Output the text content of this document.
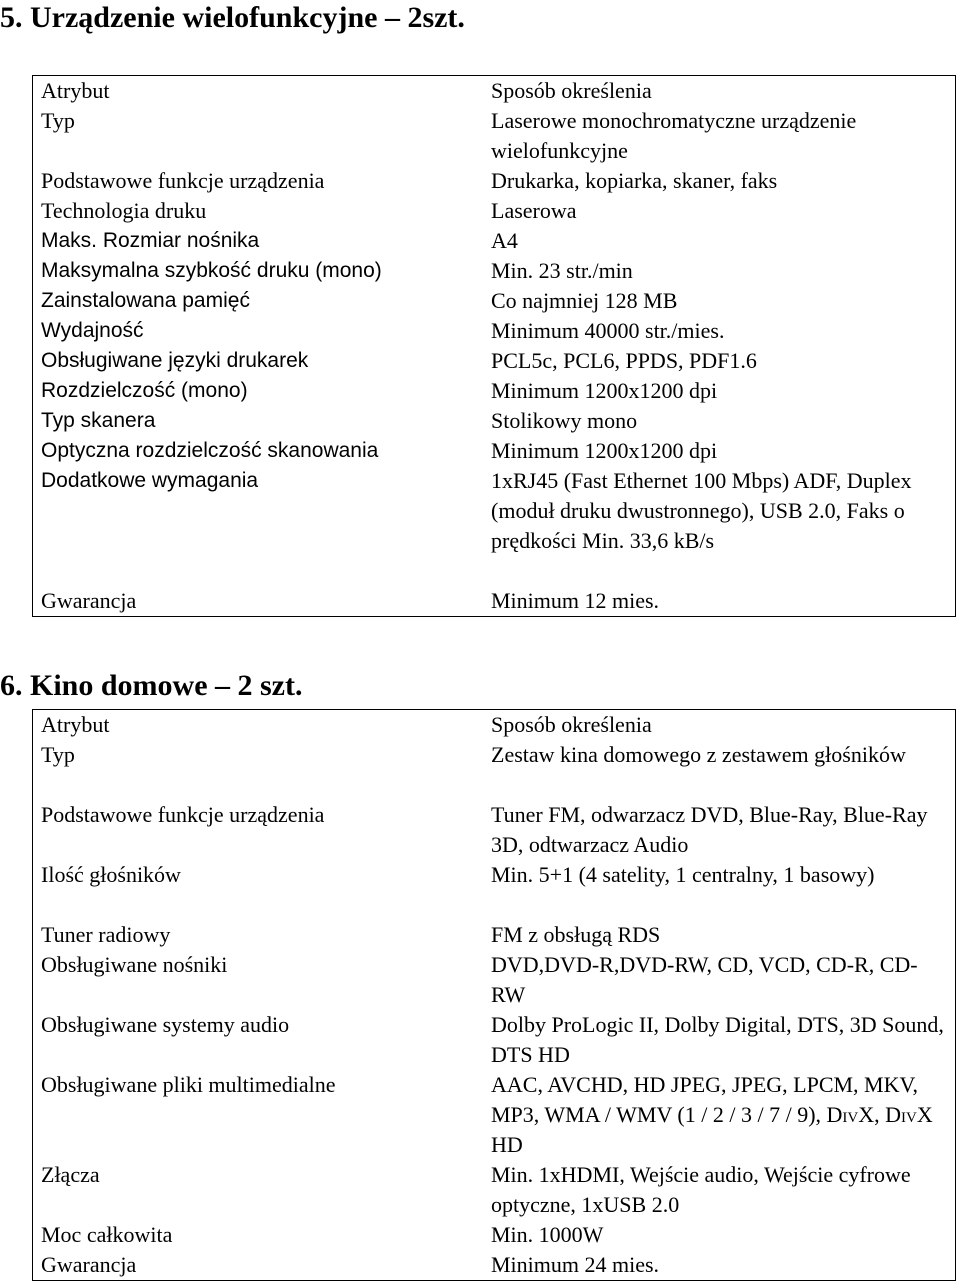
5. Urządzenie wielofunkcyjne – 2szt.
Atrybut	Sposób określenia
Typ	Laserowe monochromatyczne urządzenie wielofunkcyjne
Podstawowe funkcje urządzenia	Drukarka, kopiarka, skaner, faks
Technologia druku	Laserowa
Maks. Rozmiar nośnika	A4
Maksymalna szybkość druku (mono)	Min. 23 str./min
Zainstalowana pamięć	Co najmniej 128 MB
Wydajność	Minimum 40000 str./mies.
Obsługiwane języki drukarek	PCL5c, PCL6, PPDS, PDF1.6
Rozdzielczość (mono)	Minimum 1200x1200 dpi
Typ skanera	Stolikowy mono
Optyczna rozdzielczość skanowania	Minimum 1200x1200 dpi
Dodatkowe wymagania	1xRJ45 (Fast Ethernet 100 Mbps) ADF, Duplex (moduł druku dwustronnego), USB 2.0, Faks o prędkości Min. 33,6 kB/s
Gwarancja	Minimum 12 mies.
6. Kino domowe – 2 szt.
Atrybut	Sposób określenia
Typ	Zestaw kina domowego z zestawem głośników
Podstawowe funkcje urządzenia	Tuner FM, odwarzacz DVD, Blue-Ray, Blue-Ray 3D, odtwarzacz Audio
Ilość głośników	Min. 5+1 (4 satelity, 1 centralny, 1 basowy)
Tuner radiowy	FM z obsługą RDS
Obsługiwane nośniki	DVD,DVD-R,DVD-RW, CD, VCD, CD-R, CD-RW
Obsługiwane systemy audio	Dolby ProLogic II, Dolby Digital, DTS, 3D Sound, DTS HD
Obsługiwane pliki multimedialne	AAC, AVCHD, HD JPEG, JPEG, LPCM, MKV, MP3, WMA / WMV (1 / 2 / 3 / 7 / 9), DivX, DivX HD
Złącza	Min. 1xHDMI, Wejście audio, Wejście cyfrowe optyczne, 1xUSB 2.0
Moc całkowita	Min. 1000W
Gwarancja	Minimum 24 mies.
